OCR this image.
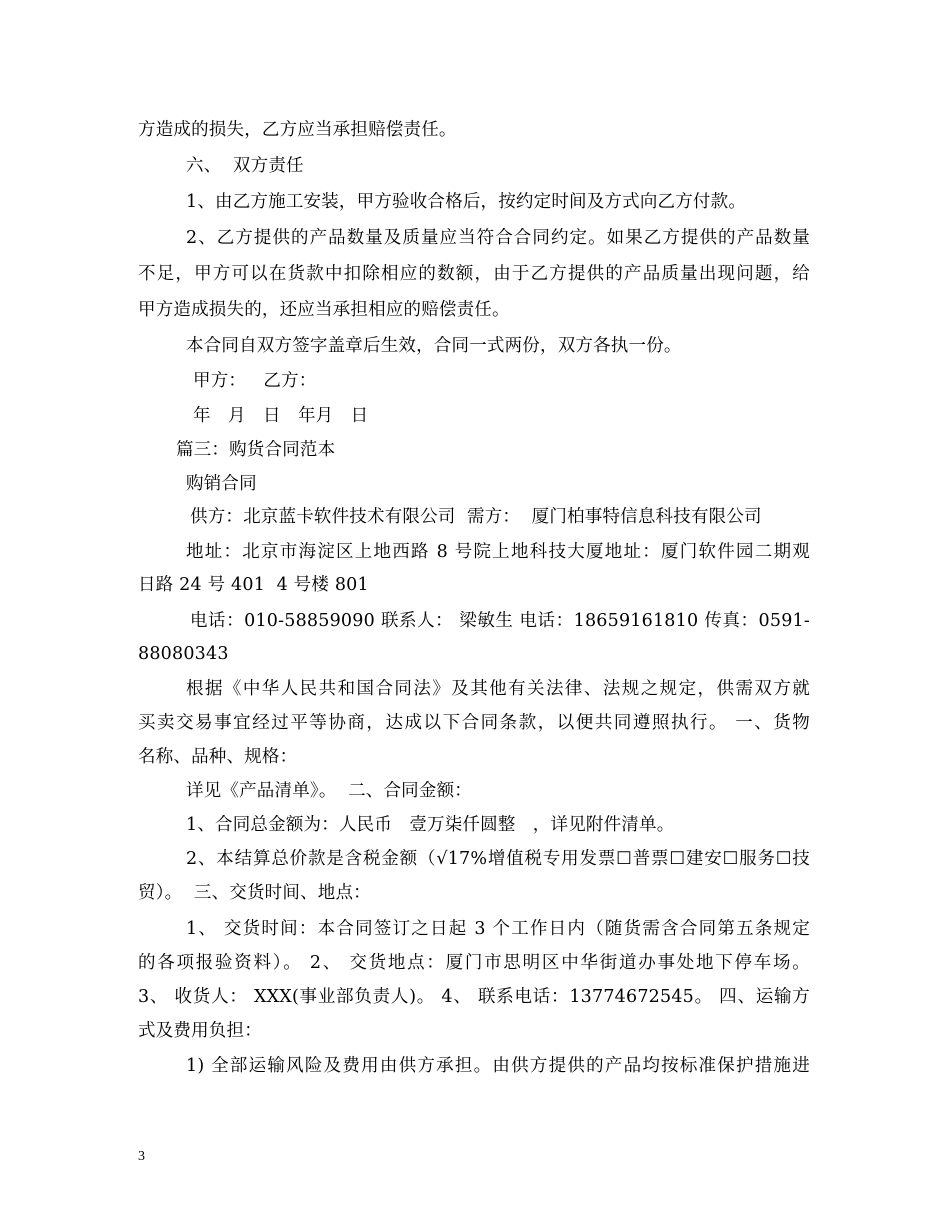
方造成的损失，乙方应当承担赔偿责任。
六、  双方责任
1、由乙方施工安装，甲方验收合格后，按约定时间及方式向乙方付款。
2、乙方提供的产品数量及质量应当符合合同约定。如果乙方提供的产品数量
不足，甲方可以在货款中扣除相应的数额，由于乙方提供的产品质量出现问题，给
甲方造成损失的，还应当承担相应的赔偿责任。
本合同自双方签字盖章后生效，合同一式两份，双方各执一份。
甲方：   乙方：
年   月   日   年月   日
篇三：购货合同范本
购销合同
供方：北京蓝卡软件技术有限公司  需方：  厦门柏事特信息科技有限公司
地址：北京市海淀区上地西路 8 号院上地科技大厦地址：厦门软件园二期观
日路 24 号 401  4 号楼 801
电话：010-58859090 联系人： 梁敏生 电话：18659161810 传真：0591-
88080343
根据《中华人民共和国合同法》及其他有关法律、法规之规定，供需双方就
买卖交易事宜经过平等协商，达成以下合同条款，以便共同遵照执行。 一、货物
名称、品种、规格：
详见《产品清单》。  二、合同金额：
1、合同总金额为：人民币   壹万柒仟圆整   ，详见附件清单。
2、本结算总价款是含税金额（√17%增值税专用发票☐普票☐建安☐服务☐技
贸）。  三、交货时间、地点：
1、 交货时间：本合同签订之日起 3 个工作日内（随货需含合同第五条规定
的各项报验资料）。 2、 交货地点：厦门市思明区中华街道办事处地下停车场。
3、 收货人： XXX(事业部负责人)。 4、 联系电话：13774672545。 四、运输方
式及费用负担：
1) 全部运输风险及费用由供方承担。由供方提供的产品均按标准保护措施进
3
